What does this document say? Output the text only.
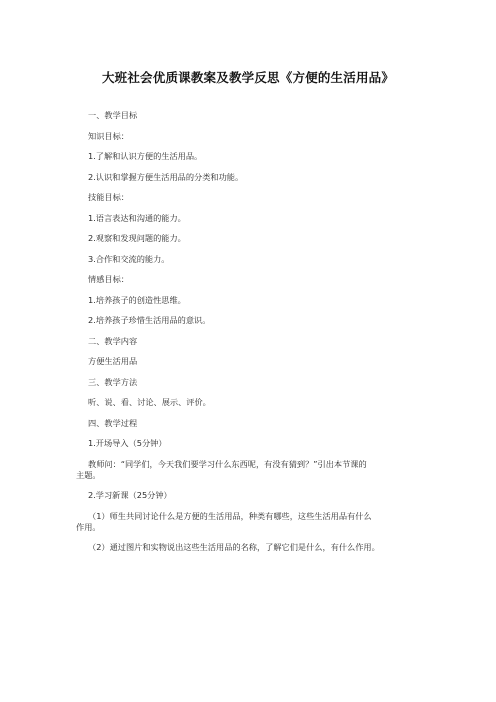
大班社会优质课教案及教学反思《方便的生活用品》
一、教学目标
知识目标：
1.了解和认识方便的生活用品。
2.认识和掌握方便生活用品的分类和功能。
技能目标：
1.语言表达和沟通的能力。
2.观察和发现问题的能力。
3.合作和交流的能力。
情感目标：
1.培养孩子的创造性思维。
2.培养孩子珍惜生活用品的意识。
二、教学内容
方便生活用品
三、教学方法
听、说、看、讨论、展示、评价。
四、教学过程
1.开场导入（5分钟）
教师问：“同学们，今天我们要学习什么东西呢，有没有猜到？”引出本节课的
主题。
2.学习新课（25分钟）
（1）师生共同讨论什么是方便的生活用品，种类有哪些，这些生活用品有什么
作用。
（2）通过图片和实物说出这些生活用品的名称，了解它们是什么，有什么作用。
